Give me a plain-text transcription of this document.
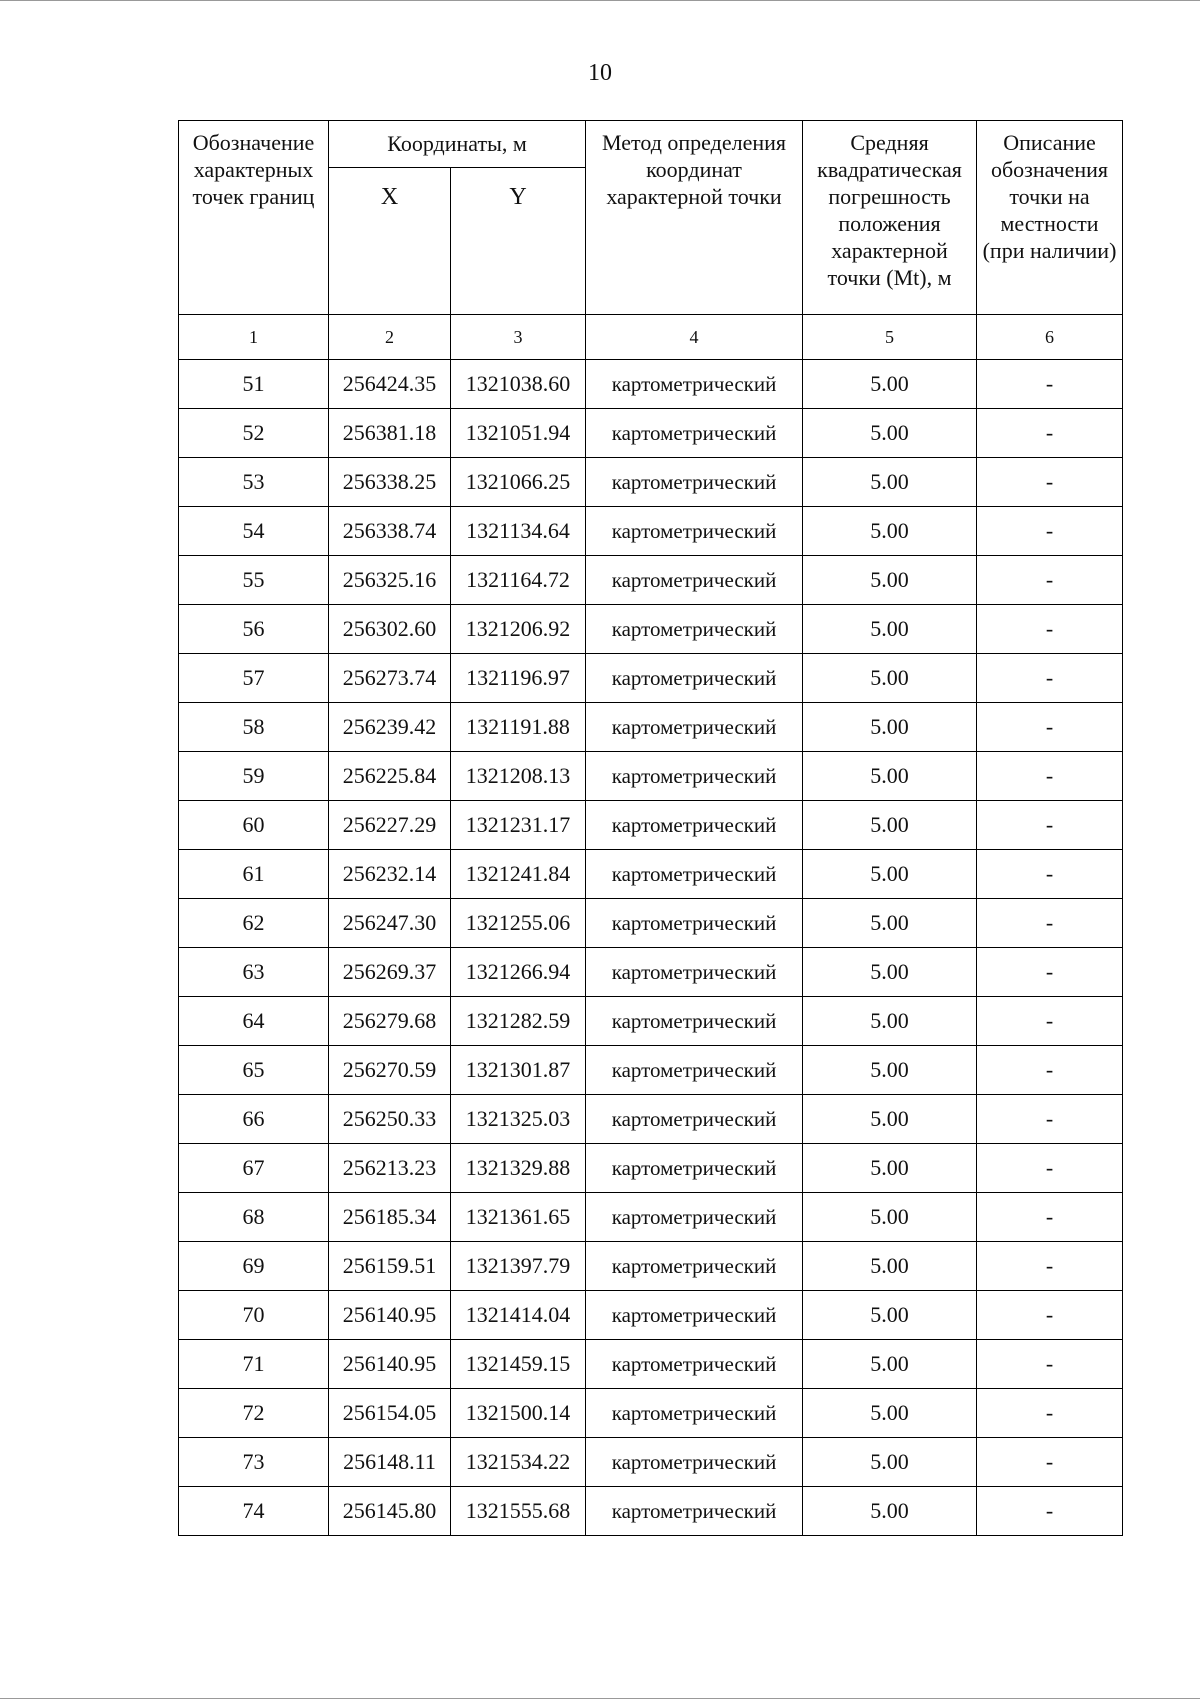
10
Обозначение характерных точек границ	Координаты, м		Метод определения координат характерной точки	Средняя квадратическая погрешность положения характерной точки (Mt), м	Описание обозначения точки на местности (при наличии)
	X	Y			
1	2	3	4	5	6
51	256424.35	1321038.60	картометрический	5.00	-
52	256381.18	1321051.94	картометрический	5.00	-
53	256338.25	1321066.25	картометрический	5.00	-
54	256338.74	1321134.64	картометрический	5.00	-
55	256325.16	1321164.72	картометрический	5.00	-
56	256302.60	1321206.92	картометрический	5.00	-
57	256273.74	1321196.97	картометрический	5.00	-
58	256239.42	1321191.88	картометрический	5.00	-
59	256225.84	1321208.13	картометрический	5.00	-
60	256227.29	1321231.17	картометрический	5.00	-
61	256232.14	1321241.84	картометрический	5.00	-
62	256247.30	1321255.06	картометрический	5.00	-
63	256269.37	1321266.94	картометрический	5.00	-
64	256279.68	1321282.59	картометрический	5.00	-
65	256270.59	1321301.87	картометрический	5.00	-
66	256250.33	1321325.03	картометрический	5.00	-
67	256213.23	1321329.88	картометрический	5.00	-
68	256185.34	1321361.65	картометрический	5.00	-
69	256159.51	1321397.79	картометрический	5.00	-
70	256140.95	1321414.04	картометрический	5.00	-
71	256140.95	1321459.15	картометрический	5.00	-
72	256154.05	1321500.14	картометрический	5.00	-
73	256148.11	1321534.22	картометрический	5.00	-
74	256145.80	1321555.68	картометрический	5.00	-
